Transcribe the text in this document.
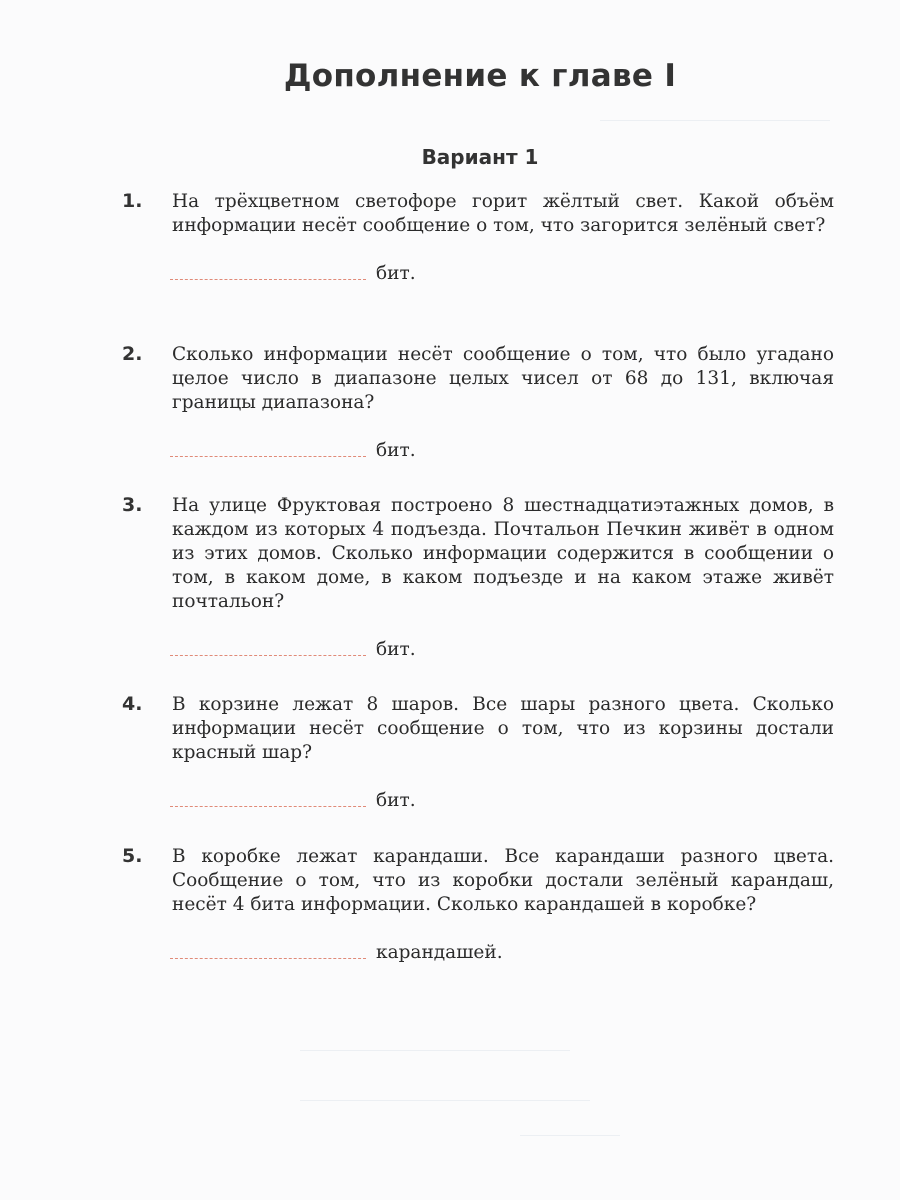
Дополнение к главе I
Вариант 1
1. На трёхцветном светофоре горит жёлтый свет. Какой объём информации несёт сообщение о том, что загорится зелёный свет?
бит.
2. Сколько информации несёт сообщение о том, что было угадано целое число в диапазоне целых чисел от 68 до 131, включая границы диапазона?
бит.
3. На улице Фруктовая построено 8 шестнадцатиэтажных домов, в каждом из которых 4 подъезда. Почтальон Печкин живёт в одном из этих домов. Сколько информации содержится в сообщении о том, в каком доме, в каком подъезде и на каком этаже живёт почтальон?
бит.
4. В корзине лежат 8 шаров. Все шары разного цвета. Сколько информации несёт сообщение о том, что из корзины достали красный шар?
бит.
5. В коробке лежат карандаши. Все карандаши разного цвета. Сообщение о том, что из коробки достали зелёный карандаш, несёт 4 бита информации. Сколько карандашей в коробке?
карандашей.
